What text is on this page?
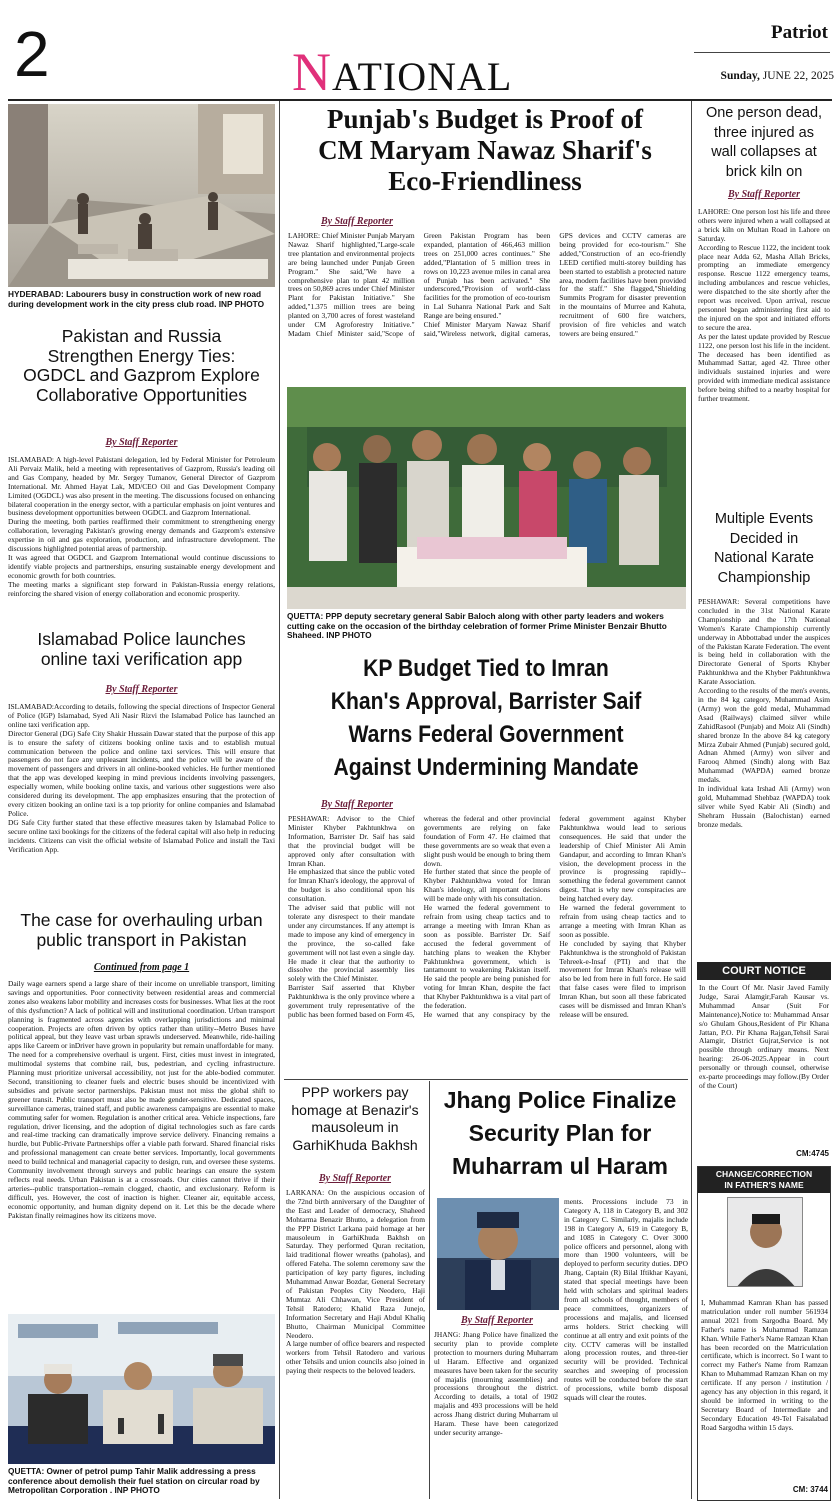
2	NATIONAL
Patriot
Sunday, JUNE 22, 2025
HYDERABAD: Labourers busy in construction work of new road during development work in the city press club road. INP PHOTO
Pakistan and Russia
Strengthen Energy Ties:
OGDCL and Gazprom Explore
Collaborative Opportunities
By Staff Reporter
ISLAMABAD: A high-level Pakistani delegation, led by Federal Minister for Petroleum Ali Pervaiz Malik, held a meeting with representatives of Gazprom, Russia's leading oil and Gas Company, headed by Mr. Sergey Tumanov, General Director of Gazprom International. Mr. Ahmed Hayat Lak, MD/CEO Oil and Gas Development Company Limited (OGDCL) was also present in the meeting. The discussions focused on enhancing bilateral cooperation in the energy sector, with a particular emphasis on joint ventures and business development opportunities between OGDCL and Gazprom International.
During the meeting, both parties reaffirmed their commitment to strengthening energy collaboration, leveraging Pakistan's growing energy demands and Gazprom's extensive expertise in oil and gas exploration, production, and infrastructure development. The discussions highlighted potential areas of partnership.
It was agreed that OGDCL and Gazprom International would continue discussions to identify viable projects and partnerships, ensuring sustainable energy development and economic growth for both countries.
The meeting marks a significant step forward in Pakistan-Russia energy relations, reinforcing the shared vision of energy collaboration and economic prosperity.
Islamabad Police launches
online taxi verification app
By Staff Reporter
ISLAMABAD:According to details, following the special directions of Inspector General of Police (IGP) Islamabad, Syed Ali Nasir Rizvi the Islamabad Police has launched an online taxi verification app.
Director General (DG) Safe City Shakir Hussain Dawar stated that the purpose of this app is to ensure the safety of citizens booking online taxis and to establish mutual communication between the police and online taxi services. This will ensure that passengers do not face any unpleasant incidents, and the police will be aware of the movement of passengers and drivers in all online-booked vehicles. He further mentioned that the app was developed keeping in mind previous incidents involving passengers, especially women, while booking online taxis, and various other suggestions were also considered during its development. The app emphasizes ensuring that the protection of every citizen booking an online taxi is a top priority for online companies and Islamabad Police.
DG Safe City further stated that these effective measures taken by Islamabad Police to secure online taxi bookings for the citizens of the federal capital will also help in reducing incidents. Citizens can visit the official website of Islamabad Police and install the Taxi Verification App.
The case for overhauling urban
public transport in Pakistan
Continued from page 1
Daily wage earners spend a large share of their income on unreliable transport, limiting savings and opportunities. Poor connectivity between residential areas and commercial zones also weakens labor mobility and increases costs for businesses. What lies at the root of this dysfunction? A lack of political will and institutional coordination. Urban transport planning is fragmented across agencies with overlapping jurisdictions and minimal cooperation. Projects are often driven by optics rather than utility--Metro Buses have political appeal, but they leave vast urban sprawls underserved. Meanwhile, ride-hailing apps like Careem or inDriver have grown in popularity but remain unaffordable for many.
The need for a comprehensive overhaul is urgent. First, cities must invest in integrated, multimodal systems that combine rail, bus, pedestrian, and cycling infrastructure. Planning must prioritize universal accessibility, not just for the able-bodied commuter. Second, transitioning to cleaner fuels and electric buses should be incentivized with subsidies and private sector partnerships. Pakistan must not miss the global shift to greener transit. Public transport must also be made gender-sensitive. Dedicated spaces, surveillance cameras, trained staff, and public awareness campaigns are essential to make commuting safer for women. Regulation is another critical area. Vehicle inspections, fare regulation, driver licensing, and the adoption of digital technologies such as fare cards and real-time tracking can dramatically improve service delivery. Financing remains a hurdle, but Public-Private Partnerships offer a viable path forward. Shared financial risks and professional management can create better services. Importantly, local governments need to build technical and managerial capacity to design, run, and oversee these systems. Community involvement through surveys and public hearings can ensure the system reflects real needs. Urban Pakistan is at a crossroads. Our cities cannot thrive if their arteries--public transportation--remain clogged, chaotic, and exclusionary. Reform is difficult, yes. However, the cost of inaction is higher. Cleaner air, equitable access, economic opportunity, and human dignity depend on it. Let this be the decade where Pakistan finally reimagines how its citizens move.
QUETTA: Owner of petrol pump Tahir Malik addressing a press conference about demolish their fuel station on circular road by Metropolitan Corporation . INP PHOTO
Punjab's Budget is Proof of
CM Maryam Nawaz Sharif's
Eco-Friendliness
By Staff Reporter
LAHORE: Chief Minister Punjab Maryam Nawaz Sharif highlighted,"Large-scale tree plantation and environmental projects are being launched under Punjab Green Program." She said,"We have a comprehensive plan to plant 42 million trees on 50,869 acres under Chief Minister Plant for Pakistan Initiative." She added,"1.375 million trees are being planted on 3,700 acres of forest wasteland under CM Agroforestry Initiative." Madam Chief Minister said,"Scope of Green Pakistan Program has been expanded, plantation of 466,463 million trees on 251,000 acres continues." She added,"Plantation of 5 million trees in rows on 10,223 avenue miles in canal area of Punjab has been activated." She underscored,"Provision of world-class facilities for the promotion of eco-tourism in Lal Suhanra National Park and Salt Range are being ensured."
Chief Minister Maryam Nawaz Sharif said,"Wireless network, digital cameras, GPS devices and CCTV cameras are being provided for eco-tourism." She added,"Construction of an eco-friendly LEED certified multi-storey building has been started to establish a protected nature area, modern facilities have been provided for the staff." She flagged,"Shielding Summits Program for disaster prevention in the mountains of Murree and Kahuta, recruitment of 600 fire watchers, provision of fire vehicles and watch towers are being ensured."
QUETTA: PPP deputy secretary general Sabir Baloch along with other party leaders and wokers cutting cake on the occasion of the birthday celebration of former Prime Minister Benzair Bhutto Shaheed. INP PHOTO
KP Budget Tied to Imran
Khan's Approval, Barrister Saif
Warns Federal Government
Against Undermining Mandate
By Staff Reporter
PESHAWAR: Advisor to the Chief Minister Khyber Pakhtunkhwa on Information, Barrister Dr. Saif has said that the provincial budget will be approved only after consultation with Imran Khan.
He emphasized that since the public voted for Imran Khan's ideology, the approval of the budget is also conditional upon his consultation.
The adviser said that public will not tolerate any disrespect to their mandate under any circumstances. If any attempt is made to impose any kind of emergency in the province, the so-called fake government will not last even a single day. He made it clear that the authority to dissolve the provincial assembly lies solely with the Chief Minister.
Barrister Saif asserted that Khyber Pakhtunkhwa is the only province where a government truly representative of the public has been formed based on Form 45, whereas the federal and other provincial governments are relying on fake foundation of Form 47. He claimed that these governments are so weak that even a slight push would be enough to bring them down.
He further stated that since the people of Khyber Pakhtunkhwa voted for Imran Khan's ideology, all important decisions will be made only with his consultation.
He warned the federal government to refrain from using cheap tactics and to arrange a meeting with Imran Khan as soon as possible. Barrister Dr. Saif accused the federal government of hatching plans to weaken the Khyber Pakhtunkhwa government, which is tantamount to weakening Pakistan itself. He said the people are being punished for voting for Imran Khan, despite the fact that Khyber Pakhtunkhwa is a vital part of the federation.
He warned that any conspiracy by the federal government against Khyber Pakhtunkhwa would lead to serious consequences. He said that under the leadership of Chief Minister Ali Amin Gandapur, and according to Imran Khan's vision, the development process in the province is progressing rapidly--something the federal government cannot digest. That is why new conspiracies are being hatched every day.
He warned the federal government to refrain from using cheap tactics and to arrange a meeting with Imran Khan as soon as possible.
He concluded by saying that Khyber Pakhtunkhwa is the stronghold of Pakistan Tehreek-e-Insaf (PTI) and that the movement for Imran Khan's release will also be led from here in full force. He said that false cases were filed to imprison Imran Khan, but soon all these fabricated cases will be dismissed and Imran Khan's release will be ensured.
PPP workers pay
homage at Benazir's
mausoleum in
GarhiKhuda Bakhsh
By Staff Reporter
LARKANA: On the auspicious occasion of the 72nd birth anniversary of the Daughter of the East and Leader of democracy, Shaheed Mohtarma Benazir Bhutto, a delegation from the PPP District Larkana paid homage at her mausoleum in GarhiKhuda Bakhsh on Saturday. They performed Quran recitation, laid traditional flower wreaths (paholas), and offered Fateha. The solemn ceremony saw the participation of key party figures, including Muhammad Anwar Bozdar, General Secretary of Pakistan Peoples City Neodero, Haji Mumtaz Ali Chhawan, Vice President of Tehsil Ratodero; Khalid Raza Junejo, Information Secretary and Haji Abdul Khaliq Bhutto, Chairman Municipal Committee Neodero.
A large number of office bearers and respected workers from Tehsil Ratodero and various other Tehsils and union councils also joined in paying their respects to the beloved leaders.
Jhang Police Finalize
Security Plan for
Muharram ul Haram
By Staff Reporter
JHANG: Jhang Police have finalized the security plan to provide complete protection to mourners during Muharram ul Haram. Effective and organized measures have been taken for the security of majalis (mourning assemblies) and processions throughout the district. According to details, a total of 1902 majalis and 493 processions will be held across Jhang district during Muharram ul Haram. These have been categorized under security arrange-
ments. Processions include 73 in Category A, 118 in Category B, and 302 in Category C. Similarly, majalis include 198 in Category A, 619 in Category B, and 1085 in Category C. Over 3000 police officers and personnel, along with more than 1900 volunteers, will be deployed to perform security duties. DPO Jhang, Captain (R) Bilal Iftikhar Kayani, stated that special meetings have been held with scholars and spiritual leaders from all schools of thought, members of peace committees, organizers of processions and majalis, and licensed arms holders. Strict checking will continue at all entry and exit points of the city. CCTV cameras will be installed along procession routes, and three-tier security will be provided. Technical searches and sweeping of procession routes will be conducted before the start of processions, while bomb disposal squads will clear the routes.
One person dead,
three injured as
wall collapses at
brick kiln on
By Staff Reporter
LAHORE: One person lost his life and three others were injured when a wall collapsed at a brick kiln on Multan Road in Lahore on Saturday.
According to Rescue 1122, the incident took place near Adda 62, Masha Allah Bricks, prompting an immediate emergency response. Rescue 1122 emergency teams, including ambulances and rescue vehicles, were dispatched to the site shortly after the report was received. Upon arrival, rescue personnel began administering first aid to the injured on the spot and initiated efforts to secure the area.
As per the latest update provided by Rescue 1122, one person lost his life in the incident. The deceased has been identified as Muhammad Sattar, aged 42. Three other individuals sustained injuries and were provided with immediate medical assistance before being shifted to a nearby hospital for further treatment.
Multiple Events
Decided in
National Karate
Championship
PESHAWAR: Several competitions have concluded in the 31st National Karate Championship and the 17th National Women's Karate Championship currently underway in Abbottabad under the auspices of the Pakistan Karate Federation. The event is being held in collaboration with the Directorate General of Sports Khyber Pakhtunkhwa and the Khyber Pakhtunkhwa Karate Association.
According to the results of the men's events, in the 84 kg category, Muhammad Asim (Army) won the gold medal, Muhammad Asad (Railways) claimed silver while ZahidRasool (Punjab) and Moiz Ali (Sindh) shared bronze In the above 84 kg category Mirza Zubair Ahmed (Punjab) secured gold, Adnan Ahmed (Army) won silver and Farooq Ahmed (Sindh) along with Baz Muhammad (WAPDA) earned bronze medals.
In individual kata Irshad Ali (Army) won gold, Muhammad Shehbaz (WAPDA) took silver while Syed Kabir Ali (Sindh) and Shehram Hussain (Balochistan) earned bronze medals.
COURT NOTICE
In the Court Of Mr. Nasir Javed Family Judge, Sarai Alamgir,Farah Kausar vs. Muhammad Ansar (Suit For Maintenance),Notice to: Muhammad Ansar s/o Ghulam Ghous,Resident of Pir Khana Jattan, P.O. Pir Khana Rajgan,Tehsil Sarai Alamgir, District Gujrat,Service is not possible through ordinary means. Next hearing: 26-06-2025.Appear in court personally or through counsel, otherwise ex-parte proceedings may follow.(By Order of the Court)
CM:4745
CHANGE/CORRECTION
IN FATHER'S NAME
I, Muhammad Kamran Khan has passed matriculation under roll number 561934 annual 2021 from Sargodha Board. My Father's name is Muhammad Ramzan Khan. While Father's Name Ramzan Khan has been recorded on the Matriculation certificate, which is incorrect. So I want to correct my Father's Name from Ramzan Khan to Muhammad Ramzan Khan on my certificate. If any person / institution / agency has any objection in this regard, it should be informed in writing to the Secretary Board of Intermediate and Secondary Education 49-Tel Faisalabad Road Sargodha within 15 days.
CM: 3744
